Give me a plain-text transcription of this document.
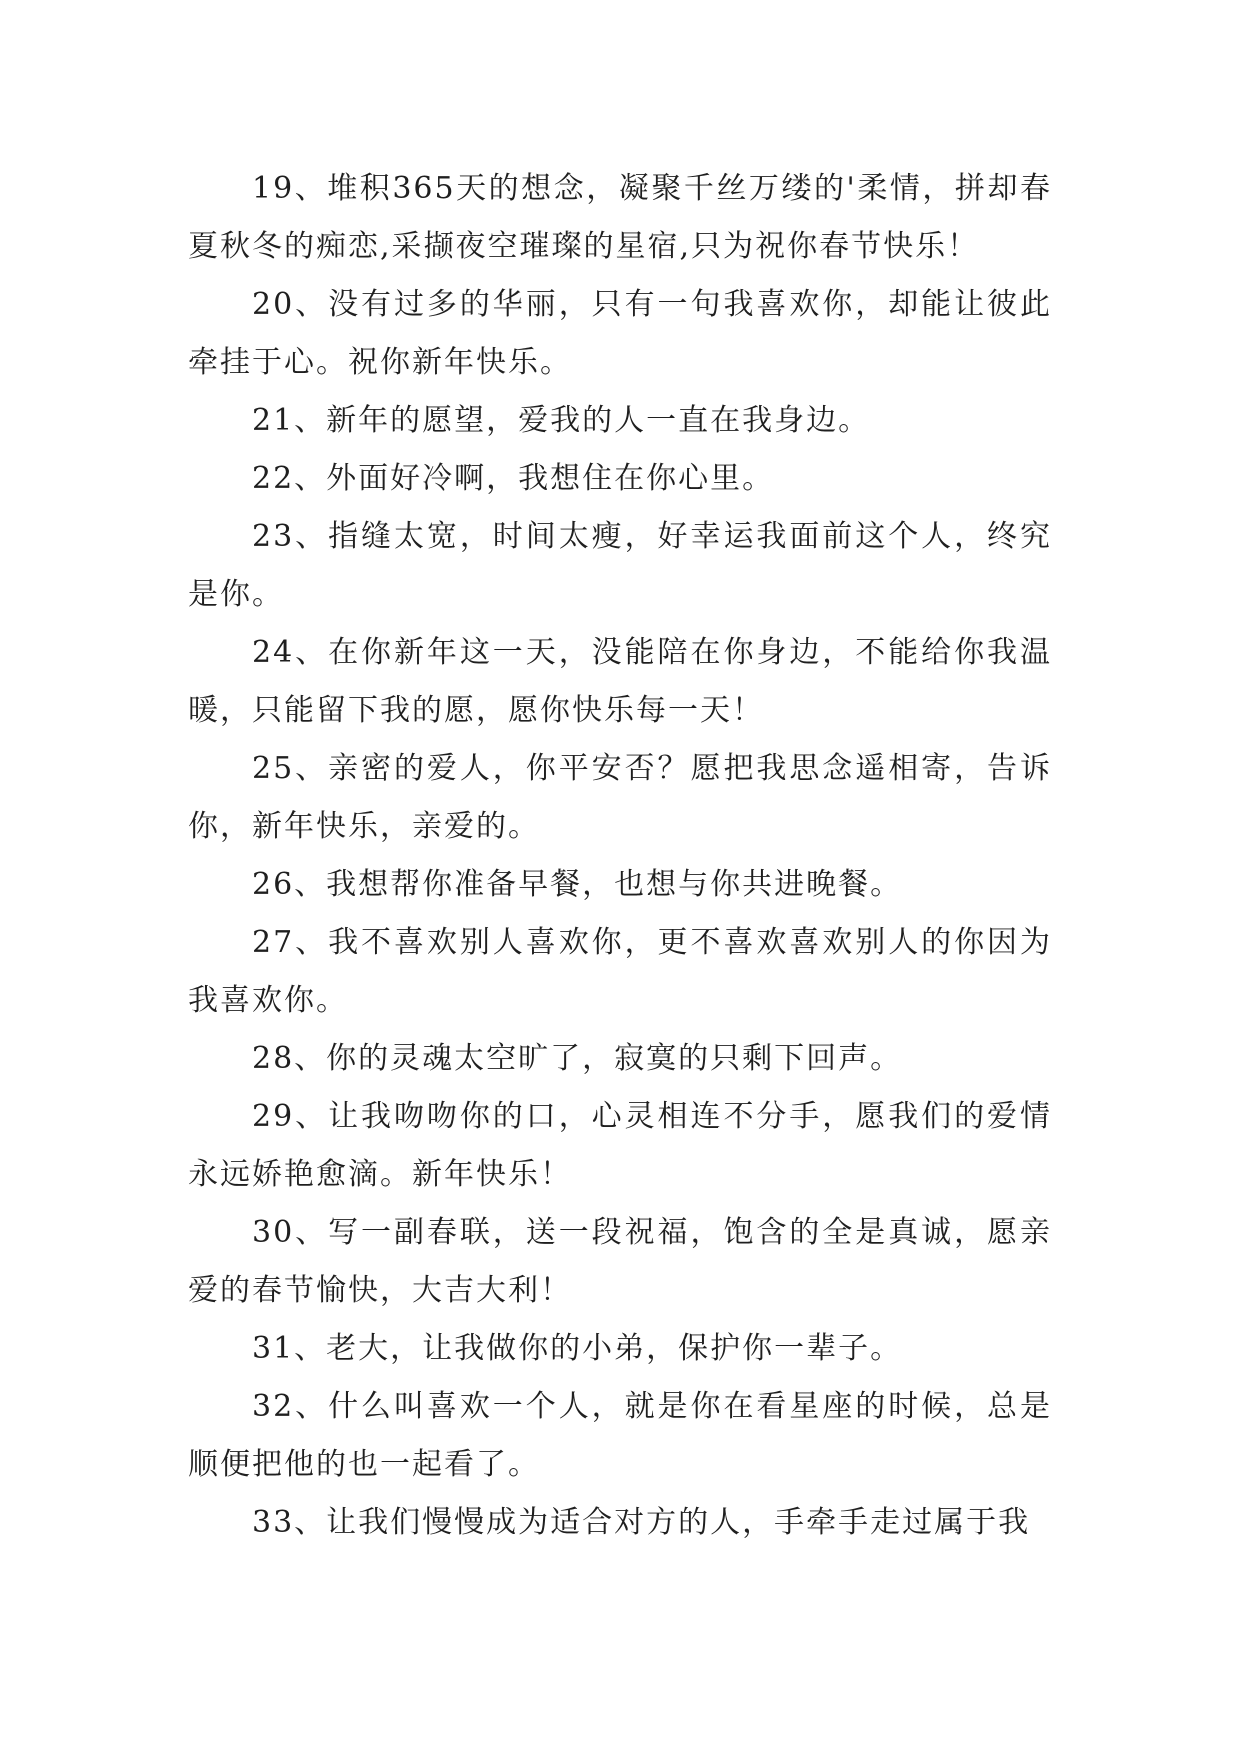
19、堆积365天的想念，凝聚千丝万缕的'柔情，拼却春夏秋冬的痴恋,采撷夜空璀璨的星宿,只为祝你春节快乐！

20、没有过多的华丽，只有一句我喜欢你，却能让彼此牵挂于心。祝你新年快乐。

21、新年的愿望，爱我的人一直在我身边。

22、外面好冷啊，我想住在你心里。

23、指缝太宽，时间太瘦，好幸运我面前这个人，终究是你。

24、在你新年这一天，没能陪在你身边，不能给你我温暖，只能留下我的愿，愿你快乐每一天！

25、亲密的爱人，你平安否？愿把我思念遥相寄，告诉你，新年快乐，亲爱的。

26、我想帮你准备早餐，也想与你共进晚餐。

27、我不喜欢别人喜欢你，更不喜欢喜欢别人的你因为我喜欢你。

28、你的灵魂太空旷了，寂寞的只剩下回声。

29、让我吻吻你的口，心灵相连不分手，愿我们的爱情永远娇艳愈滴。新年快乐！

30、写一副春联，送一段祝福，饱含的全是真诚，愿亲爱的春节愉快，大吉大利！

31、老大，让我做你的小弟，保护你一辈子。

32、什么叫喜欢一个人，就是你在看星座的时候，总是顺便把他的也一起看了。

33、让我们慢慢成为适合对方的人，手牵手走过属于我
